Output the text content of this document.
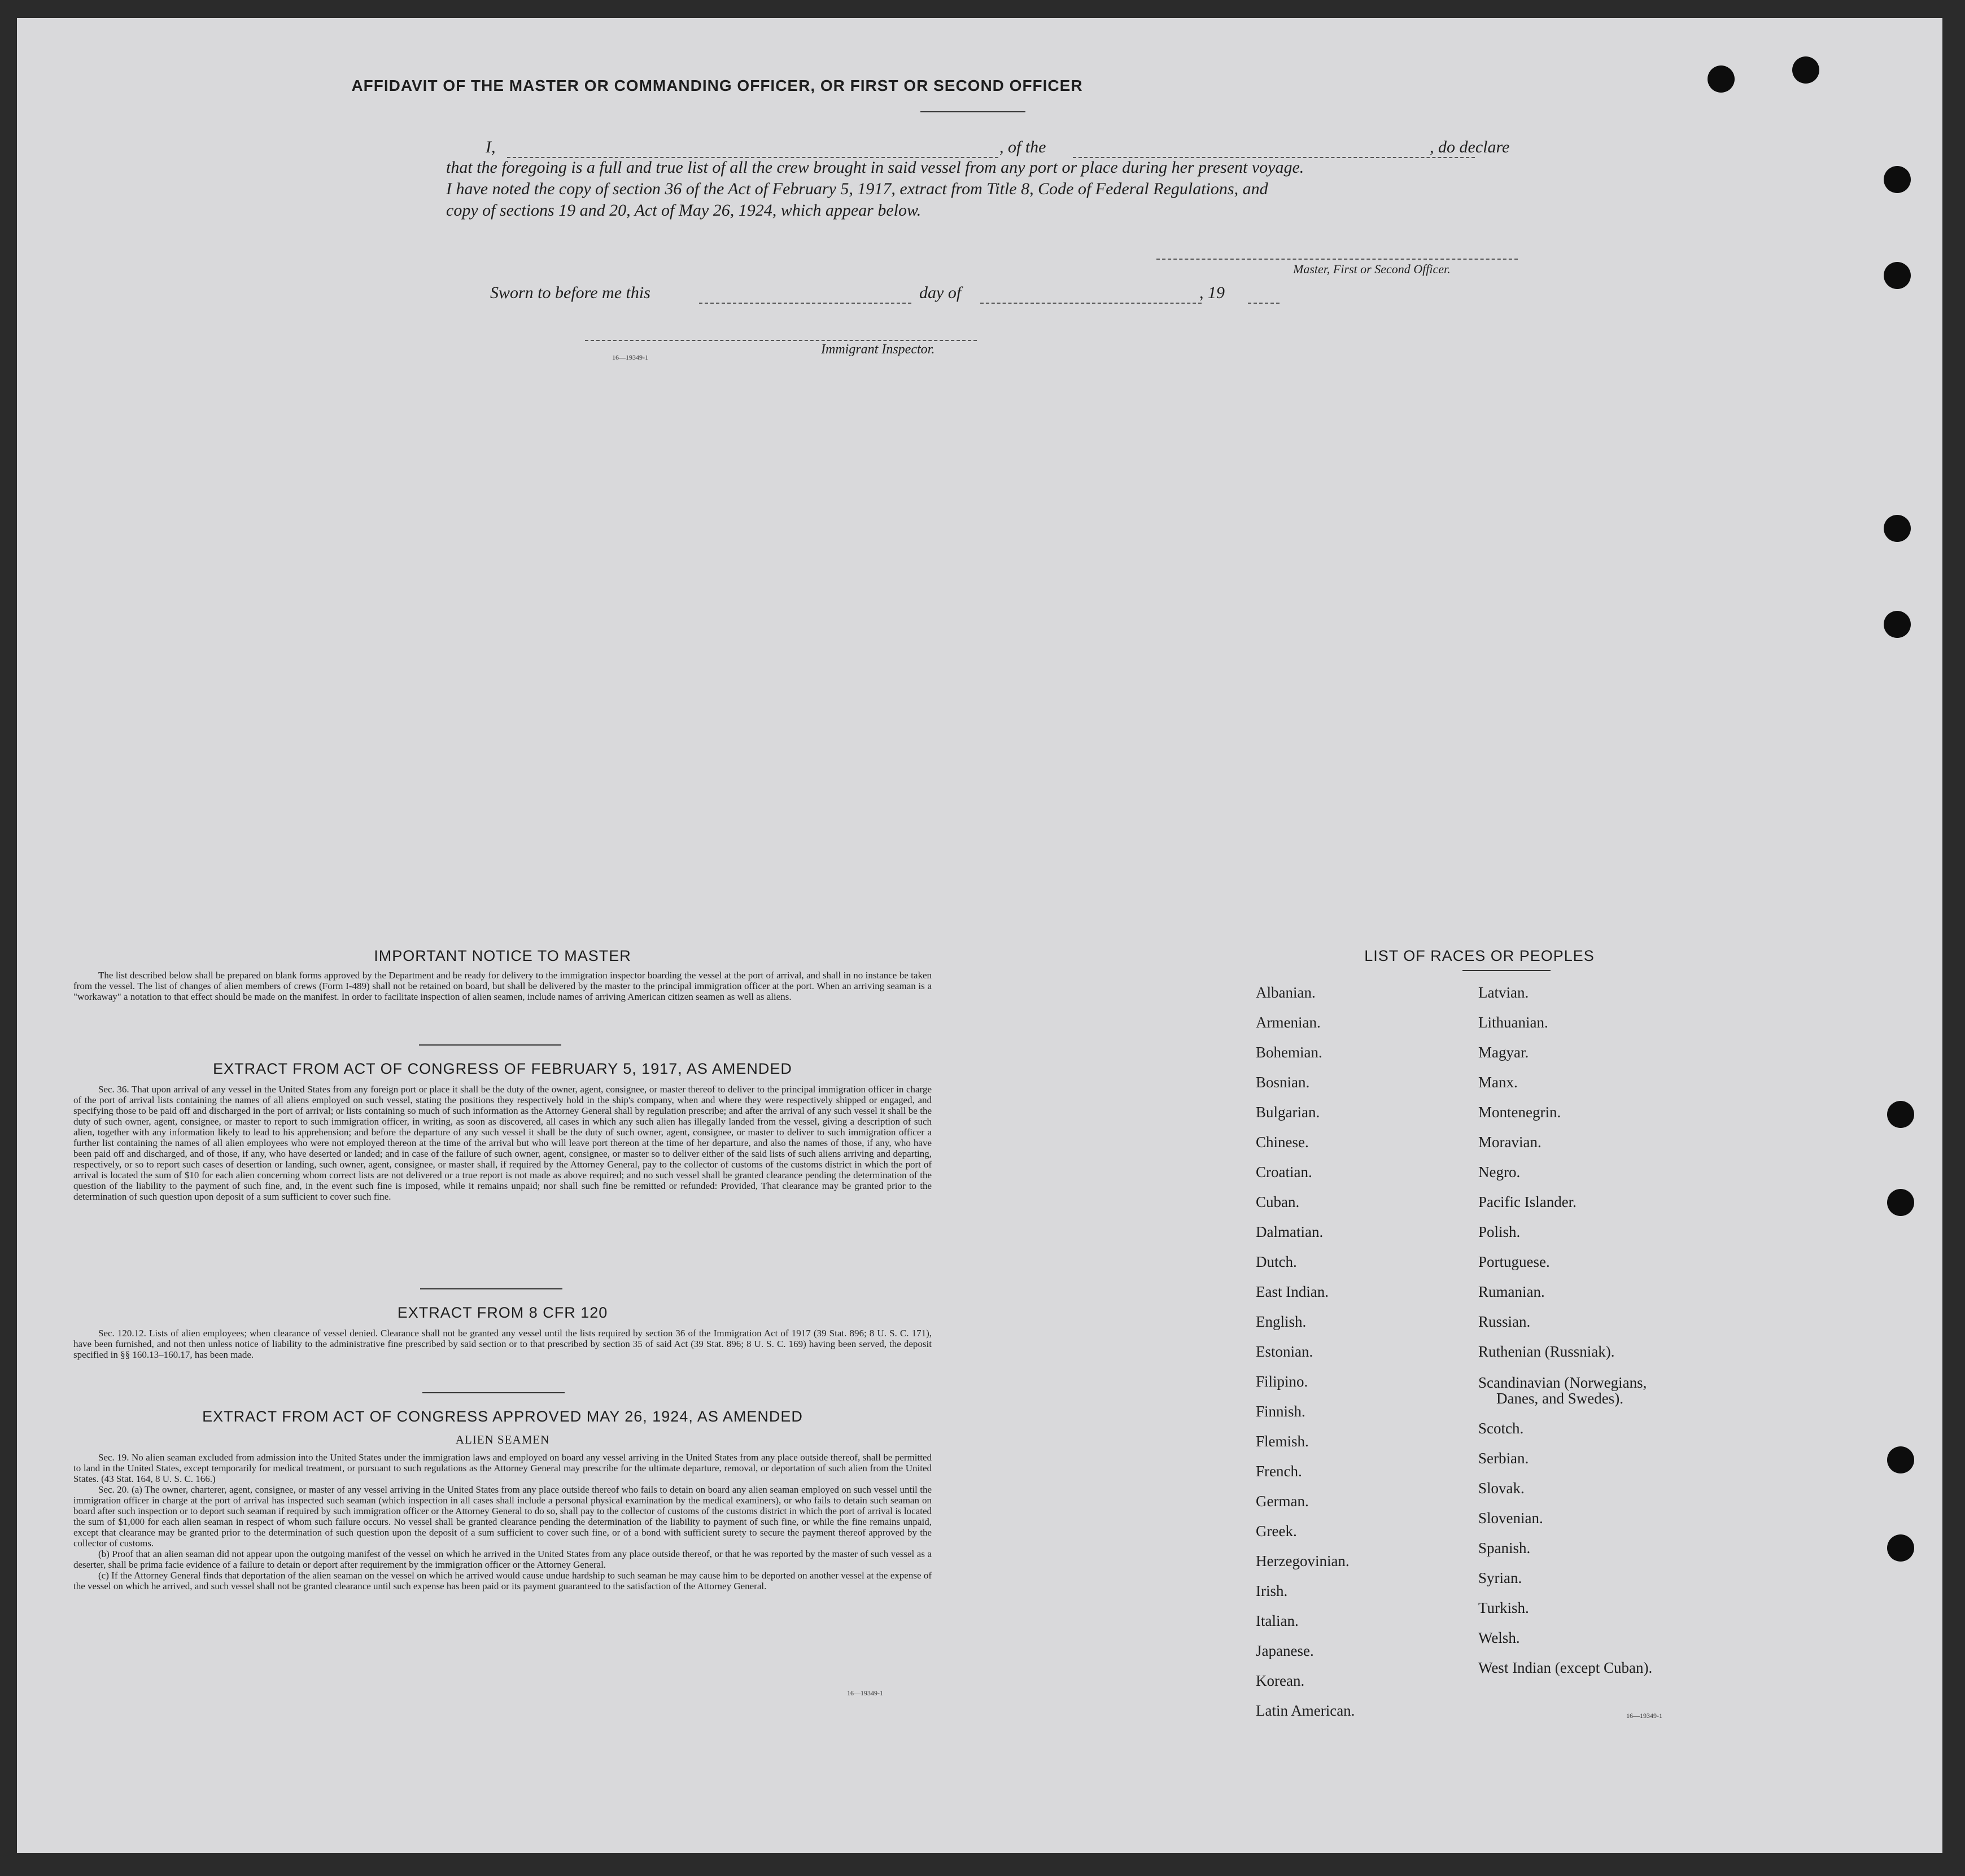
AFFIDAVIT OF THE MASTER OR COMMANDING OFFICER, OR FIRST OR SECOND OFFICER
I,	, of the	, do declare
that the foregoing is a full and true list of all the crew brought in said vessel from any port or place during her present voyage.
I have noted the copy of section 36 of the Act of February 5, 1917, extract from Title 8, Code of Federal Regulations, and
copy of sections 19 and 20, Act of May 26, 1924, which appear below.
Master, First or Second Officer.
Sworn to before me this	day of	, 19
16—19349-1
Immigrant Inspector.
IMPORTANT NOTICE TO MASTER

The list described below shall be prepared on blank forms approved by the Department and be ready for delivery to the immigration inspector boarding the vessel at the port of arrival, and shall in no instance be taken from the vessel. The list of changes of alien members of crews (Form I-489) shall not be retained on board, but shall be delivered by the master to the principal immigration officer at the port. When an arriving seaman is a "workaway" a notation to that effect should be made on the manifest. In order to facilitate inspection of alien seamen, include names of arriving American citizen seamen as well as aliens.

EXTRACT FROM ACT OF CONGRESS OF FEBRUARY 5, 1917, AS AMENDED

Sec. 36. That upon arrival of any vessel in the United States from any foreign port or place it shall be the duty of the owner, agent, consignee, or master thereof to deliver to the principal immigration officer in charge of the port of arrival lists containing the names of all aliens employed on such vessel, stating the positions they respectively hold in the ship's company, when and where they were respectively shipped or engaged, and specifying those to be paid off and discharged in the port of arrival; or lists containing so much of such information as the Attorney General shall by regulation prescribe; and after the arrival of any such vessel it shall be the duty of such owner, agent, consignee, or master to report to such immigration officer, in writing, as soon as discovered, all cases in which any such alien has illegally landed from the vessel, giving a description of such alien, together with any information likely to lead to his apprehension; and before the departure of any such vessel it shall be the duty of such owner, agent, consignee, or master to deliver to such immigration officer a further list containing the names of all alien employees who were not employed thereon at the time of the arrival but who will leave port thereon at the time of her departure, and also the names of those, if any, who have been paid off and discharged, and of those, if any, who have deserted or landed; and in case of the failure of such owner, agent, consignee, or master so to deliver either of the said lists of such aliens arriving and departing, respectively, or so to report such cases of desertion or landing, such owner, agent, consignee, or master shall, if required by the Attorney General, pay to the collector of customs of the customs district in which the port of arrival is located the sum of $10 for each alien concerning whom correct lists are not delivered or a true report is not made as above required; and no such vessel shall be granted clearance pending the determination of the question of the liability to the payment of such fine, and, in the event such fine is imposed, while it remains unpaid; nor shall such fine be remitted or refunded: Provided, That clearance may be granted prior to the determination of such question upon deposit of a sum sufficient to cover such fine.

EXTRACT FROM 8 CFR 120

Sec. 120.12. Lists of alien employees; when clearance of vessel denied. Clearance shall not be granted any vessel until the lists required by section 36 of the Immigration Act of 1917 (39 Stat. 896; 8 U. S. C. 171), have been furnished, and not then unless notice of liability to the administrative fine prescribed by said section or to that prescribed by section 35 of said Act (39 Stat. 896; 8 U. S. C. 169) having been served, the deposit specified in §§ 160.13–160.17, has been made.

EXTRACT FROM ACT OF CONGRESS APPROVED MAY 26, 1924, AS AMENDED
ALIEN SEAMEN

Sec. 19. No alien seaman excluded from admission into the United States under the immigration laws and employed on board any vessel arriving in the United States from any place outside thereof, shall be permitted to land in the United States, except temporarily for medical treatment, or pursuant to such regulations as the Attorney General may prescribe for the ultimate departure, removal, or deportation of such alien from the United States. (43 Stat. 164, 8 U. S. C. 166.)

Sec. 20. (a) The owner, charterer, agent, consignee, or master of any vessel arriving in the United States from any place outside thereof who fails to detain on board any alien seaman employed on such vessel until the immigration officer in charge at the port of arrival has inspected such seaman (which inspection in all cases shall include a personal physical examination by the medical examiners), or who fails to detain such seaman on board after such inspection or to deport such seaman if required by such immigration officer or the Attorney General to do so, shall pay to the collector of customs of the customs district in which the port of arrival is located the sum of $1,000 for each alien seaman in respect of whom such failure occurs. No vessel shall be granted clearance pending the determination of the liability to payment of such fine, or while the fine remains unpaid, except that clearance may be granted prior to the determination of such question upon the deposit of a sum sufficient to cover such fine, or of a bond with sufficient surety to secure the payment thereof approved by the collector of customs.

(b) Proof that an alien seaman did not appear upon the outgoing manifest of the vessel on which he arrived in the United States from any place outside thereof, or that he was reported by the master of such vessel as a deserter, shall be prima facie evidence of a failure to detain or deport after requirement by the immigration officer or the Attorney General.

(c) If the Attorney General finds that deportation of the alien seaman on the vessel on which he arrived would cause undue hardship to such seaman he may cause him to be deported on another vessel at the expense of the vessel on which he arrived, and such vessel shall not be granted clearance until such expense has been paid or its payment guaranteed to the satisfaction of the Attorney General.

16—19349-1
LIST OF RACES OR PEOPLES
Albanian.
Armenian.
Bohemian.
Bosnian.
Bulgarian.
Chinese.
Croatian.
Cuban.
Dalmatian.
Dutch.
East Indian.
English.
Estonian.
Filipino.
Finnish.
Flemish.
French.
German.
Greek.
Herzegovinian.
Irish.
Italian.
Japanese.
Korean.
Latin American.
Latvian.
Lithuanian.
Magyar.
Manx.
Montenegrin.
Moravian.
Negro.
Pacific Islander.
Polish.
Portuguese.
Rumanian.
Russian.
Ruthenian (Russniak).
Scandinavian (Norwegians,
Danes, and Swedes).
Scotch.
Serbian.
Slovak.
Slovenian.
Spanish.
Syrian.
Turkish.
Welsh.
West Indian (except Cuban).
16—19349-1
